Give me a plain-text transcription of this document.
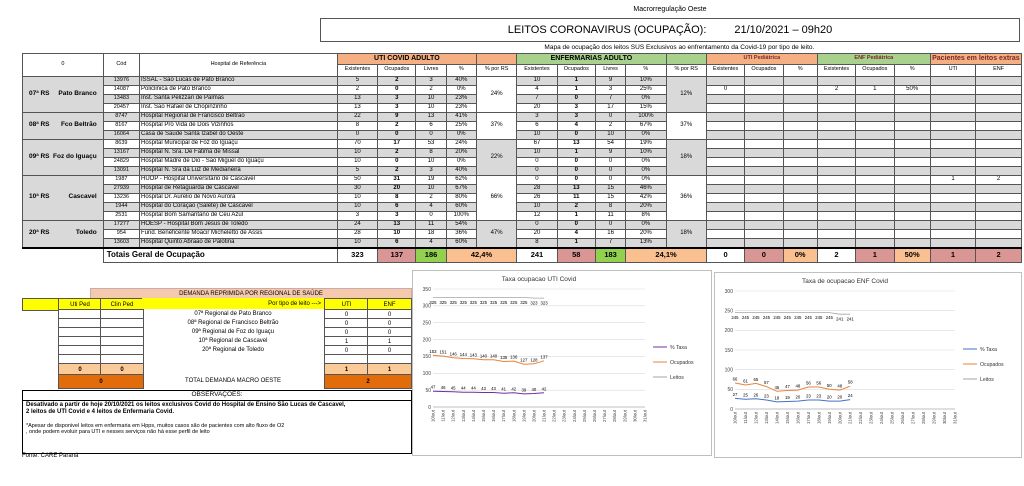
Macrorregulação Oeste
LEITOS CORONAVIRUS (OCUPAÇÃO):	21/10/2021 – 09h20
			Mapa de ocupação dos leitos SUS Exclusivos ao enfrentamento da Covid-19 por tipo de leito.																	
0	Cód	Hospital de Referência	UTI COVID ADULTO					ENFERMARIAS ADULTO					UTI Pediátrica			ENF Pediátrica			Pacientes em leitos extras	
			Existentes	Ocupados	Livres	%	% por RS	Existentes	Ocupados	Livres	%	% por RS	Existentes	Ocupados	%	Existentes	Ocupados	%	UTI	ENF

07ª RS Pato Branco	13976	ISSAL - São Lucas de Pato Branco	5	2	3	40%	24%	10	1	9	10%	12%								
	14087	Policlinica de Pato Branco	2	0	2	0%		4	1	3	25%		0			2	1	50%		
	13483	Inst. Santa Pelizzari de Palmas	13	3	10	23%		7	0	7	0%									
	20457	Inst. São Rafael de Chopinzinho	13	3	10	23%		20	3	17	15%									

08ª RS Fco Beltrão	8747	Hospital Regional de Francisco Beltrão	22	9	13	41%	37%	3	3	0	100%	37%								
	8167	Hospital Pro Vida de Dois Vizinhos	8	2	6	25%		6	4	2	67%									
	16064	Casa de Saude Santa Izabel do Oeste	0	0	0	0%		10	0	10	0%									

09ª RS Foz do Iguaçu	8639	Hospital Municipal de Foz do Iguaçu	70	17	53	24%	22%	67	13	54	19%	18%								
	13167	Hospital N. Sra. De Fatima de Missal	10	2	8	20%		10	1	9	10%									
	24829	Hospital Madre de Dio - São Miguel do Iguaçu	10	0	10	0%		0	0	0	0%									
	13091	Hospital N. Sra da Luz de Medianeira	5	2	3	40%		0	0	0	0%									

10ª RS Cascavel	1987	HUOP - Hospital Universitario de Cascavel	50	31	19	62%	66%	0	0	0	0%	36%							1	2
	27939	Hospital de Retaguarda de Cascavel	30	20	10	67%		28	13	15	46%									
	13236	Hospital Dr. Aurelio de Novo Aurora	10	8	2	80%		26	11	15	42%									
	1944	Hospital do Coraçao (Salete) de Cascavel	10	6	4	60%		10	2	8	20%									
	2531	Hospital Bom Samaritano de Ceu Azul	3	3	0	100%		12	1	11	8%									

20ª RS Toledo	17277	HOESP - Hospital Bom Jesus de Toledo	24	13	11	54%	47%	0	0	0	0%	18%								
	954	Fund. Beneficente Moacir Micheletto de Assis	28	10	18	36%		20	4	16	20%									
	13603	Hospital Quinto Abraão de Palotina	10	6	4	60%		8	1	7	13%									
	Totais Geral de Ocupação		323	137	186	42,4%		241	58	183	24,1%		0	0	0%	2	1	50%	1	2
DEMANDA REPRIMIDA POR REGIONAL DE SAÚDE
Uti Ped	Clin Ped	Por tipo de leito --->	UTI	ENF
07ª Regional de Pato Branco	0	0
08ª Regional de Francisco Beltrão	0	0
09ª Regional de Foz do Iguaçu	0	0
10ª Regional de Cascavel	1	1
20ª Regional de Toledo	0	0
0	0	1	1
0	TOTAL DEMANDA MACRO OESTE	2
OBSERVAÇÕES:
Desativado a partir de hoje 20/10/2021 os leitos exclusivos Covid do Hospital de Ensino São Lucas de Cascavel,
2 leitos de UTI Covid e 4 leitos de Enfermaria Covid.
*Apesar de disponivel leitos em enfermaria em Hpps, muitos casos são de pacientes com alto fluxo de O2
, onde podem evoluir para UTI e nesses serviços não há esse perfil de leito
Fonte: CARE Paraná
Taxa ocupacao UTI Covid
0
50
100
150
200
250
300
350
10/out 11/out 12/out 13/out 14/out 15/out 16/out 17/out 18/out 19/out 20/out 21/out 22/out 23/out 24/out 25/out 26/out 27/out 28/out 29/out 30/out 31/out
325 325 325 325 325 325 325 325 325 325 323 323
153 151 146 144 143 140 140 135 136
127 128
137
47 46 45 44 44 43 43 41 42 39 40 42
% Taxa
Ocupados
Leitos
Taxa de ocupacao ENF Covid
0
50
100
150
200
250
300
10/out 11/out 12/out 13/out 14/out 15/out 16/out 17/out 18/out 19/out 20/out 21/out 22/out 23/out 24/out 25/out 26/out 27/out 28/out 29/out 30/out 31/out
245 245 245 245 245 245 245 245 245 245 241 241
66 61 65
57
45 47 48
56 56 50 48
58
27 25 26 23 18 19 20 23 23 20 20 24
% Taxa
Ocupados
Leitos
